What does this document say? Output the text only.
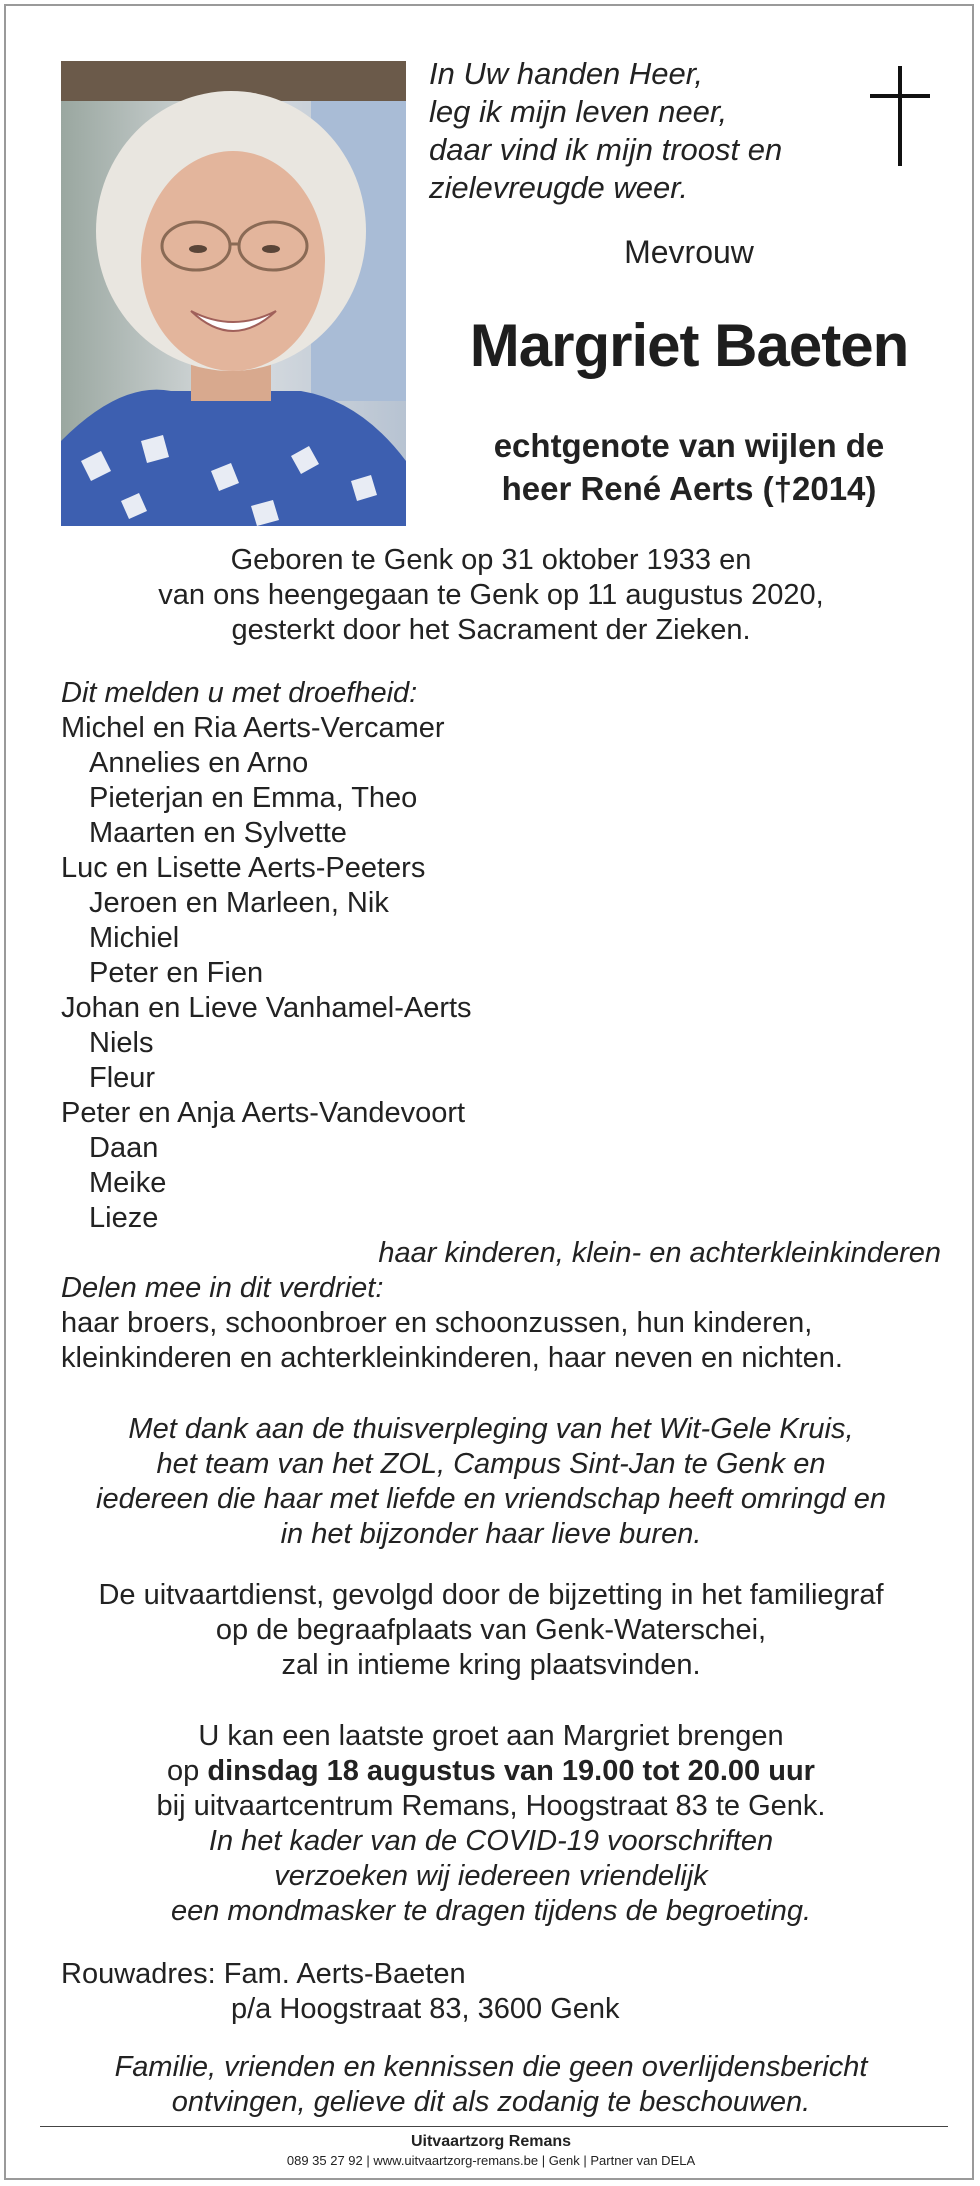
In Uw handen Heer,
leg ik mijn leven neer,
daar vind ik mijn troost en
zielevreugde weer.
Mevrouw
Margriet Baeten
echtgenote van wijlen de
heer René Aerts (†2014)
Geboren te Genk op 31 oktober 1933 en
van ons heengegaan te Genk op 11 augustus 2020,
gesterkt door het Sacrament der Zieken.
Dit melden u met droefheid:
Michel en Ria Aerts-Vercamer
Annelies en Arno
Pieterjan en Emma, Theo
Maarten en Sylvette
Luc en Lisette Aerts-Peeters
Jeroen en Marleen, Nik
Michiel
Peter en Fien
Johan en Lieve Vanhamel-Aerts
Niels
Fleur
Peter en Anja Aerts-Vandevoort
Daan
Meike
Lieze
haar kinderen, klein- en achterkleinkinderen
Delen mee in dit verdriet:
haar broers, schoonbroer en schoonzussen, hun kinderen,
kleinkinderen en achterkleinkinderen, haar neven en nichten.
Met dank aan de thuisverpleging van het Wit-Gele Kruis,
het team van het ZOL, Campus Sint-Jan te Genk en
iedereen die haar met liefde en vriendschap heeft omringd en
in het bijzonder haar lieve buren.
De uitvaartdienst, gevolgd door de bijzetting in het familiegraf
op de begraafplaats van Genk-Waterschei,
zal in intieme kring plaatsvinden.
U kan een laatste groet aan Margriet brengen
op dinsdag 18 augustus van 19.00 tot 20.00 uur
bij uitvaartcentrum Remans, Hoogstraat 83 te Genk.
In het kader van de COVID-19 voorschriften
verzoeken wij iedereen vriendelijk
een mondmasker te dragen tijdens de begroeting.
Rouwadres: Fam. Aerts-Baeten
p/a Hoogstraat 83, 3600 Genk
Familie, vrienden en kennissen die geen overlijdensbericht
ontvingen, gelieve dit als zodanig te beschouwen.
Uitvaartzorg Remans
089 35 27 92 | www.uitvaartzorg-remans.be | Genk | Partner van DELA
